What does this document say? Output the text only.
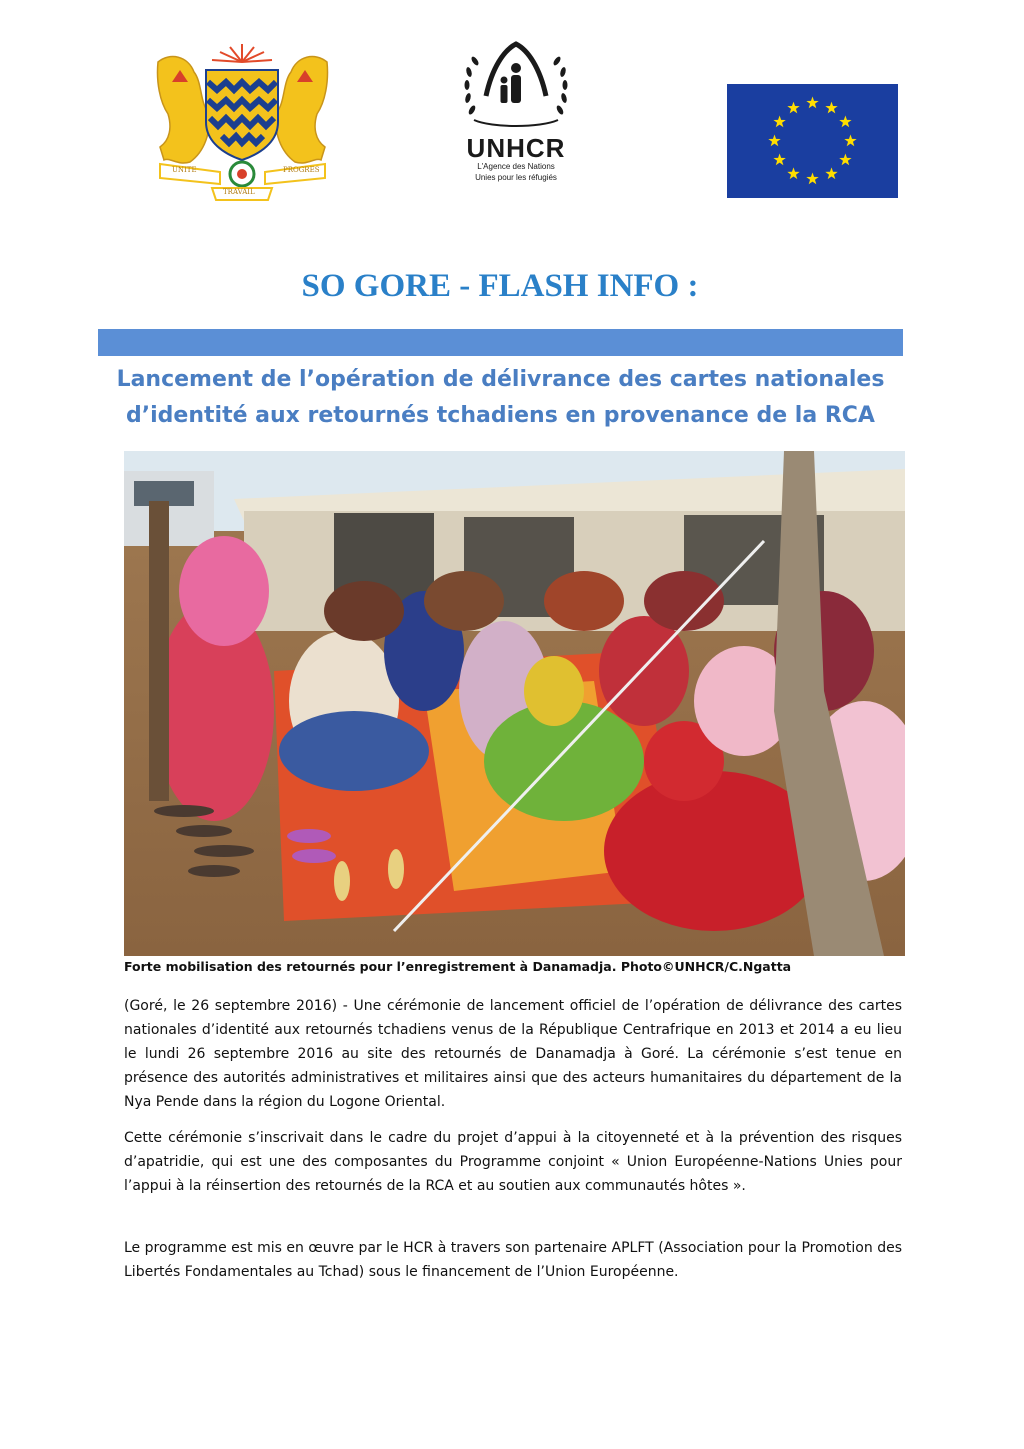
UNITE
TRAVAIL
PROGRES
UNHCR
L'Agence des Nations
Unies pour les réfugiés
SO GORE - FLASH INFO :
Lancement de l’opération de délivrance des cartes nationales d’identité aux retournés tchadiens en provenance de la RCA
Forte mobilisation des retournés pour l’enregistrement à Danamadja. Photo©UNHCR/C.Ngatta
(Goré, le 26 septembre 2016) - Une cérémonie de lancement officiel de l’opération de délivrance des cartes nationales d’identité aux retournés tchadiens venus de la République Centrafrique en 2013 et 2014 a eu lieu le lundi 26 septembre 2016 au site des retournés de Danamadja à Goré. La cérémonie s’est tenue en présence des autorités administratives et militaires ainsi que des acteurs humanitaires du département de la Nya Pende dans la région du Logone Oriental.
Cette cérémonie s’inscrivait dans le cadre du projet d’appui à la citoyenneté et à la prévention des risques d’apatridie, qui est une des composantes du Programme conjoint « Union Européenne-Nations Unies pour l’appui à la réinsertion des retournés de la RCA et au soutien aux communautés hôtes ».
Le programme est mis en œuvre par le HCR à travers son partenaire APLFT (Association pour la Promotion des Libertés Fondamentales au Tchad) sous le financement de l’Union Européenne.
